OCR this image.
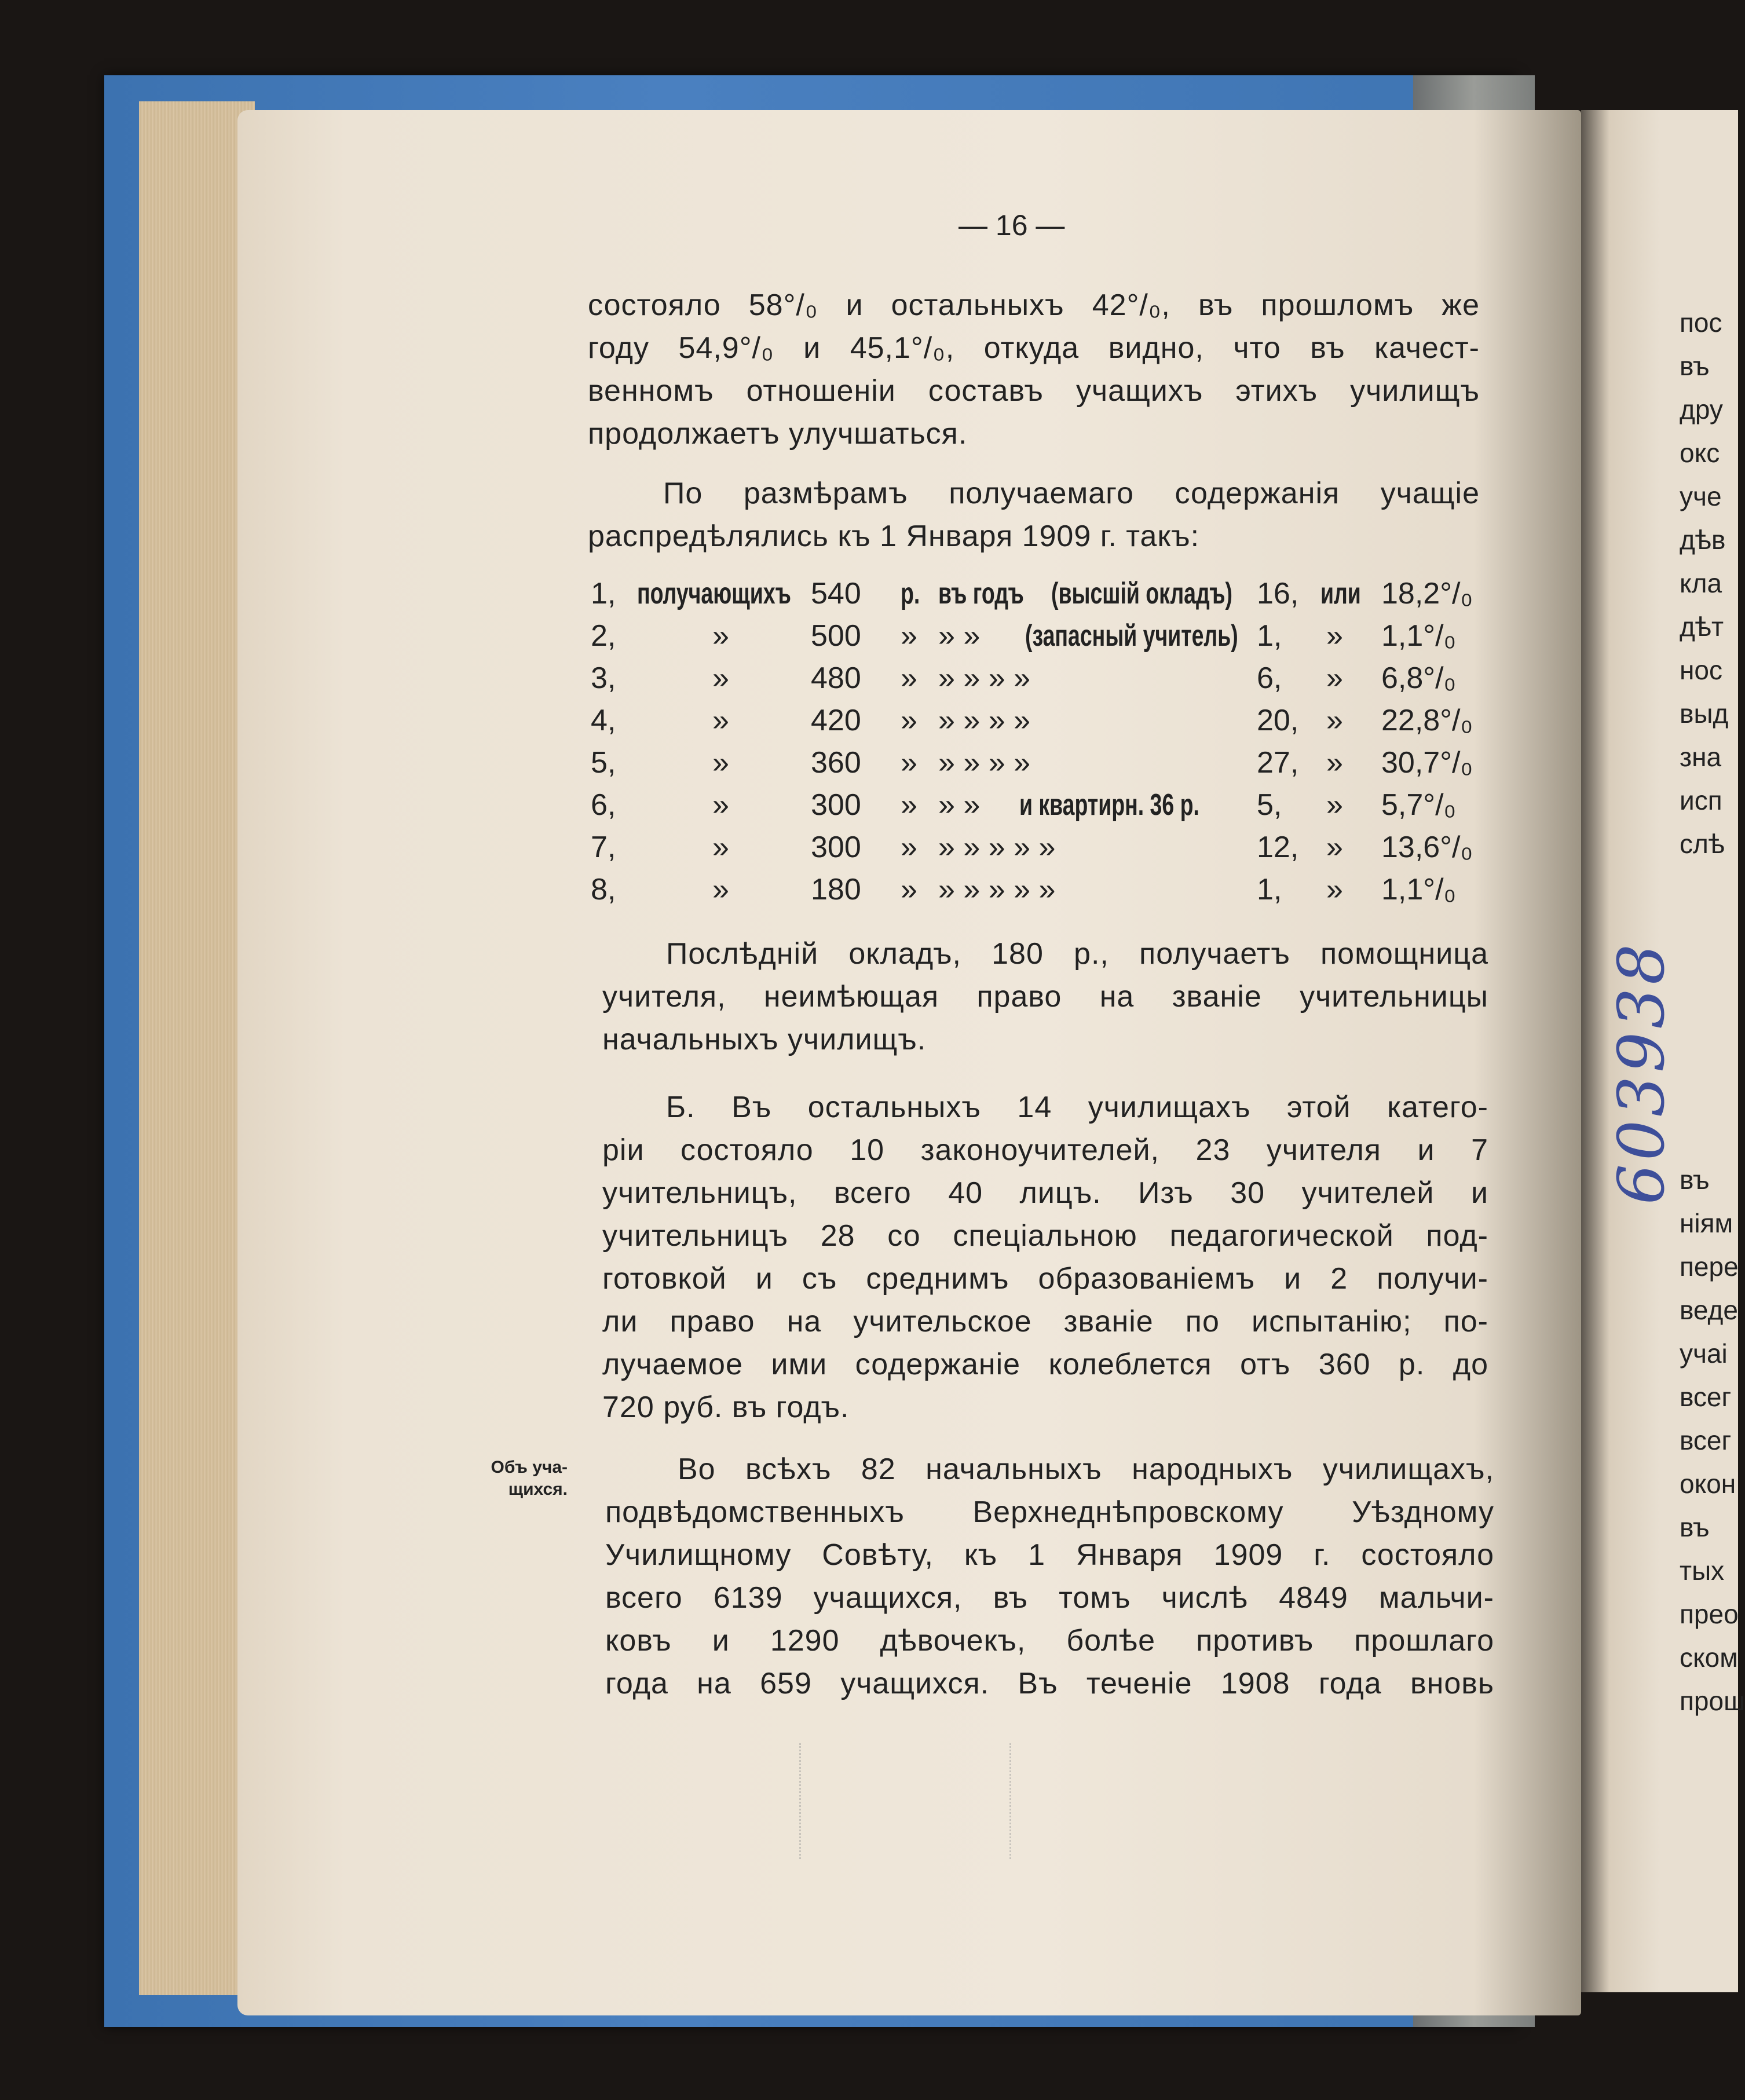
— 16 —
состояло 58°/₀ и остальныхъ 42°/₀, въ прошломъ же
году 54,9°/₀ и 45,1°/₀, откуда видно, что въ качест-
венномъ отношеніи составъ учащихъ этихъ училищъ
продолжаетъ улучшаться.
По размѣрамъ получаемаго содержанія учащіе
распредѣлялись къ 1 Января 1909 г. такъ:
1, получающихъ 540 р. въ годъ (высшій окладъ) 16, или 18,2°/₀
2,	»	500 » » » (запасный учитель) 1, » 1,1°/₀
3,	»	480 » » » » »	6, » 6,8°/₀
4,	»	420 » » » » »	20, » 22,8°/₀
5,	»	360 » » » » »	27, » 30,7°/₀
6,	»	300 » » » и квартирн. 36 р. 5, » 5,7°/₀
7,	»	300 » » » » » »	12, » 13,6°/₀
8,	»	180 » » » » » »	1, » 1,1°/₀
Послѣдній окладъ, 180 р., получаетъ помощница
учителя, неимѣющая право на званіе учительницы
начальныхъ училищъ.
Б. Въ остальныхъ 14 училищахъ этой катего-
ріи состояло 10 законоучителей, 23 учителя и 7
учительницъ, всего 40 лицъ. Изъ 30 учителей и
учительницъ 28 со спеціальною педагогической под-
готовкой и съ среднимъ образованіемъ и 2 получи-
ли право на учительское званіе по испытанію; по-
лучаемое ими содержаніе колеблется отъ 360 р. до
720 руб. въ годъ.
Объ уча-
щихся.
Во всѣхъ 82 начальныхъ народныхъ училищахъ,
подвѣдомственныхъ Верхнеднѣпровскому Уѣздному
Училищному Совѣту, къ 1 Января 1909 г. состояло
всего 6139 учащихся, въ томъ числѣ 4849 мальчи-
ковъ и 1290 дѣвочекъ, болѣе противъ прошлаго
года на 659 учащихся. Въ теченіе 1908 года вновь
603938
пос
въ
дру
окс
уче
дѣв
кла
дѣт
нос
выд
зна
исп
слѣ
въ
ніям
пере
веде
учаі
всег
всег
окон
въ
тых
прео
ском
прош
